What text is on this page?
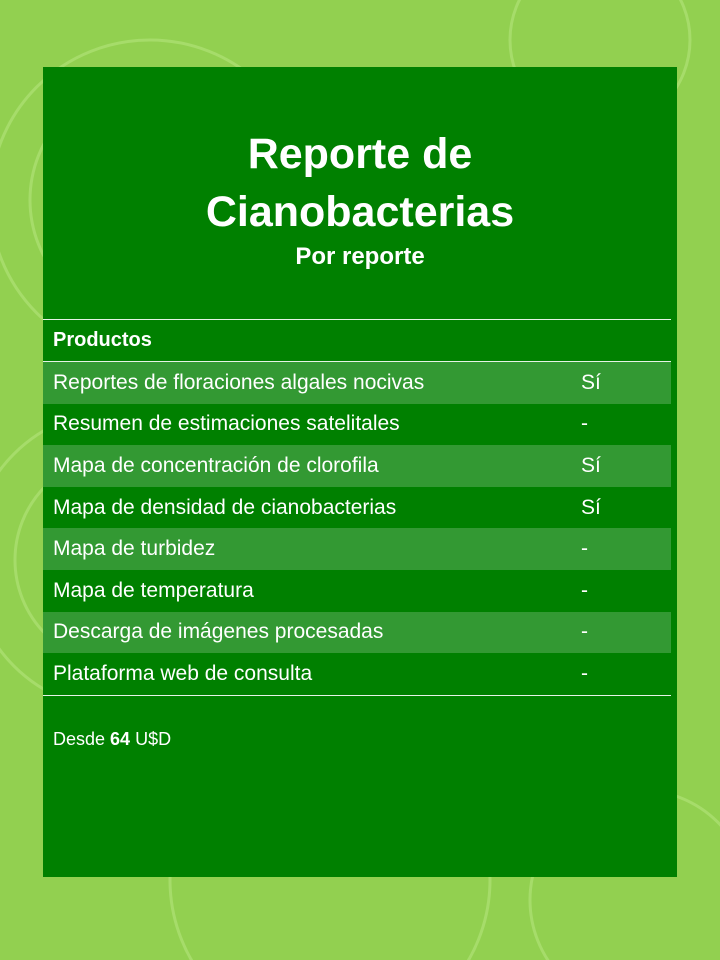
Reporte de
Cianobacterias
Por reporte
Productos
Reportes de floraciones algales nocivas	Sí
Resumen de estimaciones satelitales	-
Mapa de concentración de clorofila	Sí
Mapa de densidad de cianobacterias	Sí
Mapa de turbidez	-
Mapa de temperatura	-
Descarga de imágenes procesadas	-
Plataforma web de consulta	-
Desde 64 U$D
